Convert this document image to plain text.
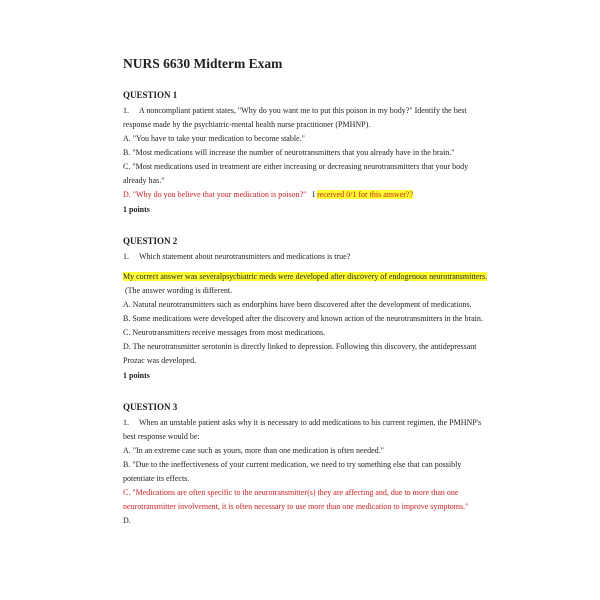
NURS 6630 Midterm Exam
QUESTION 1
1. A noncompliant patient states, "Why do you want me to put this poison in my body?" Identify the best response made by the psychiatric-mental health nurse practitioner (PMHNP).
A. "You have to take your medication to become stable."
B. "Most medications will increase the number of neurotransmitters that you already have in the brain."
C. "Most medications used in treatment are either increasing or decreasing neurotransmitters that your body already has."
D. "Why do you believe that your medication is poison?" I received 0/1 for this answer??
1 points
QUESTION 2
1. Which statement about neurotransmitters and medications is true?
My correct answer was severalpsychiatric meds were developed after discovery of endogenous neurotransmitters.  (The answer wording is different.
A. Natural neurotransmitters such as endorphins have been discovered after the development of medications.
B. Some medications were developed after the discovery and known action of the neurotransmitters in the brain.
C. Neurotransmitters receive messages from most medications.
D. The neurotransmitter serotonin is directly linked to depression. Following this discovery, the antidepressant Prozac was developed.
1 points
QUESTION 3
1. When an unstable patient asks why it is necessary to add medications to his current regimen, the PMHNP's best response would be:
A. "In an extreme case such as yours, more than one medication is often needed."
B. "Due to the ineffectiveness of your current medication, we need to try something else that can possibly potentiate its effects.
C. "Medications are often specific to the neurotransmitter(s) they are affecting and, due to more than one neurotransmitter involvement, it is often necessary to use more than one medication to improve symptoms."
D.
